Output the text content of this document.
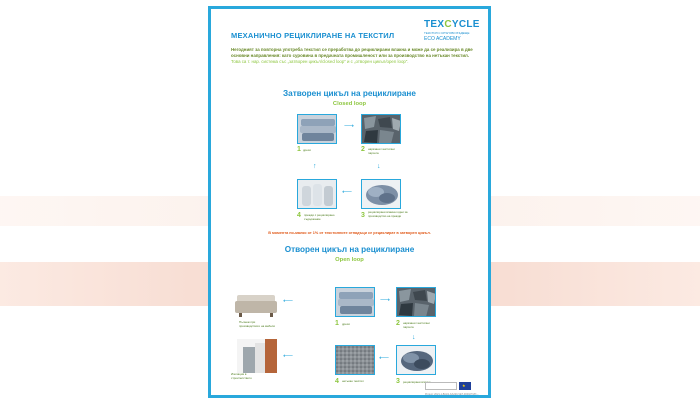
МЕХАНИЧНО РЕЦИКЛИРАНЕ НА ТЕКСТИЛ
TEXCYCLE
ТЕКСТИЛ С КРЪГОВО БЪДЕЩЕ
ECO ACADEMY
Негодният за повторна употреба текстил се преработва до рециклирани влакна и може да се реализира в две основни направления: като суровина в предачната промишленост или за производство на нетъкан текстил. Това са т. нар. система със „затворен цикъл/closed loop“ и с „отворен цикъл/open loop“.
Затворен цикъл на рециклиране
Closed loop
⟶
1 дрехи	2 нарязани текстилни парчета
↓
↑
⟵
4 прежди с рециклирано съдържание	3 рециклирани влакна годни за производство на прежди
В момента по-малко от 1% от текстилните отпадъци се рециклират в затворен цикъл.
Отворен цикъл на рециклиране
Open loop
Пълнеж при производството на мебели
⟵	⟶
1 дрехи	2 нарязани текстилни парчета
↓
Изолация в строителството
⟵	⟵
4 нетъкан текстил	3 рециклирани влакна
★
Project: 2021-1-BG01-KA220-VET-000027183 – TEXCycle
